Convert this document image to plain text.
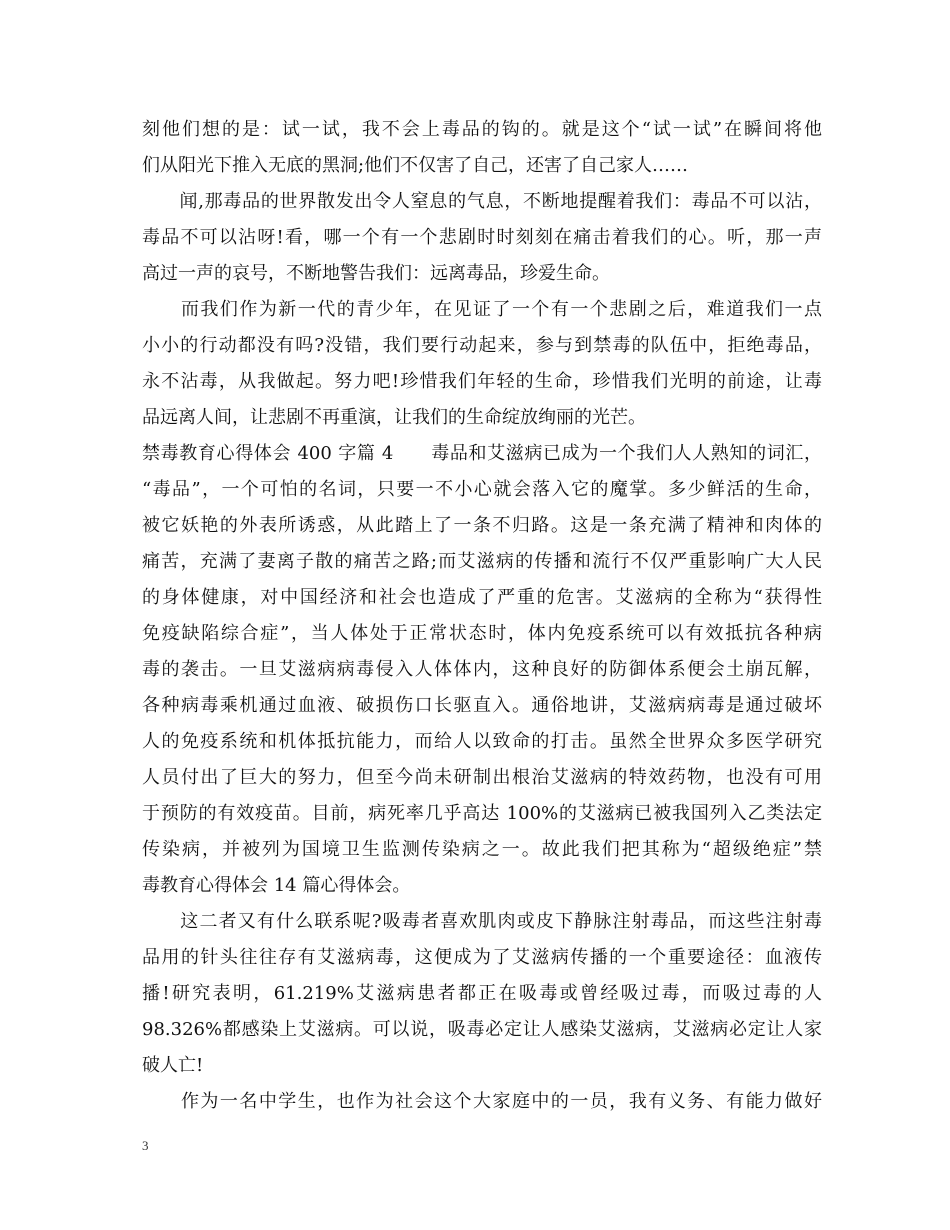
刻他们想的是：试一试，我不会上毒品的钩的。就是这个“试一试”在瞬间将他
们从阳光下推入无底的黑洞;他们不仅害了自己，还害了自己家人……
　　闻,那毒品的世界散发出令人窒息的气息，不断地提醒着我们：毒品不可以沾，
毒品不可以沾呀!看，哪一个有一个悲剧时时刻刻在痛击着我们的心。听，那一声
高过一声的哀号，不断地警告我们：远离毒品，珍爱生命。
　　而我们作为新一代的青少年，在见证了一个有一个悲剧之后，难道我们一点
小小的行动都没有吗?没错，我们要行动起来，参与到禁毒的队伍中，拒绝毒品，
永不沾毒，从我做起。努力吧!珍惜我们年轻的生命，珍惜我们光明的前途，让毒
品远离人间，让悲剧不再重演，让我们的生命绽放绚丽的光芒。
禁毒教育心得体会 400 字篇 4　　毒品和艾滋病已成为一个我们人人熟知的词汇，
“毒品”，一个可怕的名词，只要一不小心就会落入它的魔掌。多少鲜活的生命，
被它妖艳的外表所诱惑，从此踏上了一条不归路。这是一条充满了精神和肉体的
痛苦，充满了妻离子散的痛苦之路;而艾滋病的传播和流行不仅严重影响广大人民
的身体健康，对中国经济和社会也造成了严重的危害。艾滋病的全称为“获得性
免疫缺陷综合症”，当人体处于正常状态时，体内免疫系统可以有效抵抗各种病
毒的袭击。一旦艾滋病病毒侵入人体体内，这种良好的防御体系便会土崩瓦解，
各种病毒乘机通过血液、破损伤口长驱直入。通俗地讲，艾滋病病毒是通过破坏
人的免疫系统和机体抵抗能力，而给人以致命的打击。虽然全世界众多医学研究
人员付出了巨大的努力，但至今尚未研制出根治艾滋病的特效药物，也没有可用
于预防的有效疫苗。目前，病死率几乎高达 100%的艾滋病已被我国列入乙类法定
传染病，并被列为国境卫生监测传染病之一。故此我们把其称为“超级绝症”禁
毒教育心得体会 14 篇心得体会。
　　这二者又有什么联系呢?吸毒者喜欢肌肉或皮下静脉注射毒品，而这些注射毒
品用的针头往往存有艾滋病毒，这便成为了艾滋病传播的一个重要途径：血液传
播!研究表明，61.219%艾滋病患者都正在吸毒或曾经吸过毒，而吸过毒的人
98.326%都感染上艾滋病。可以说，吸毒必定让人感染艾滋病，艾滋病必定让人家
破人亡!
　　作为一名中学生，也作为社会这个大家庭中的一员，我有义务、有能力做好
3
